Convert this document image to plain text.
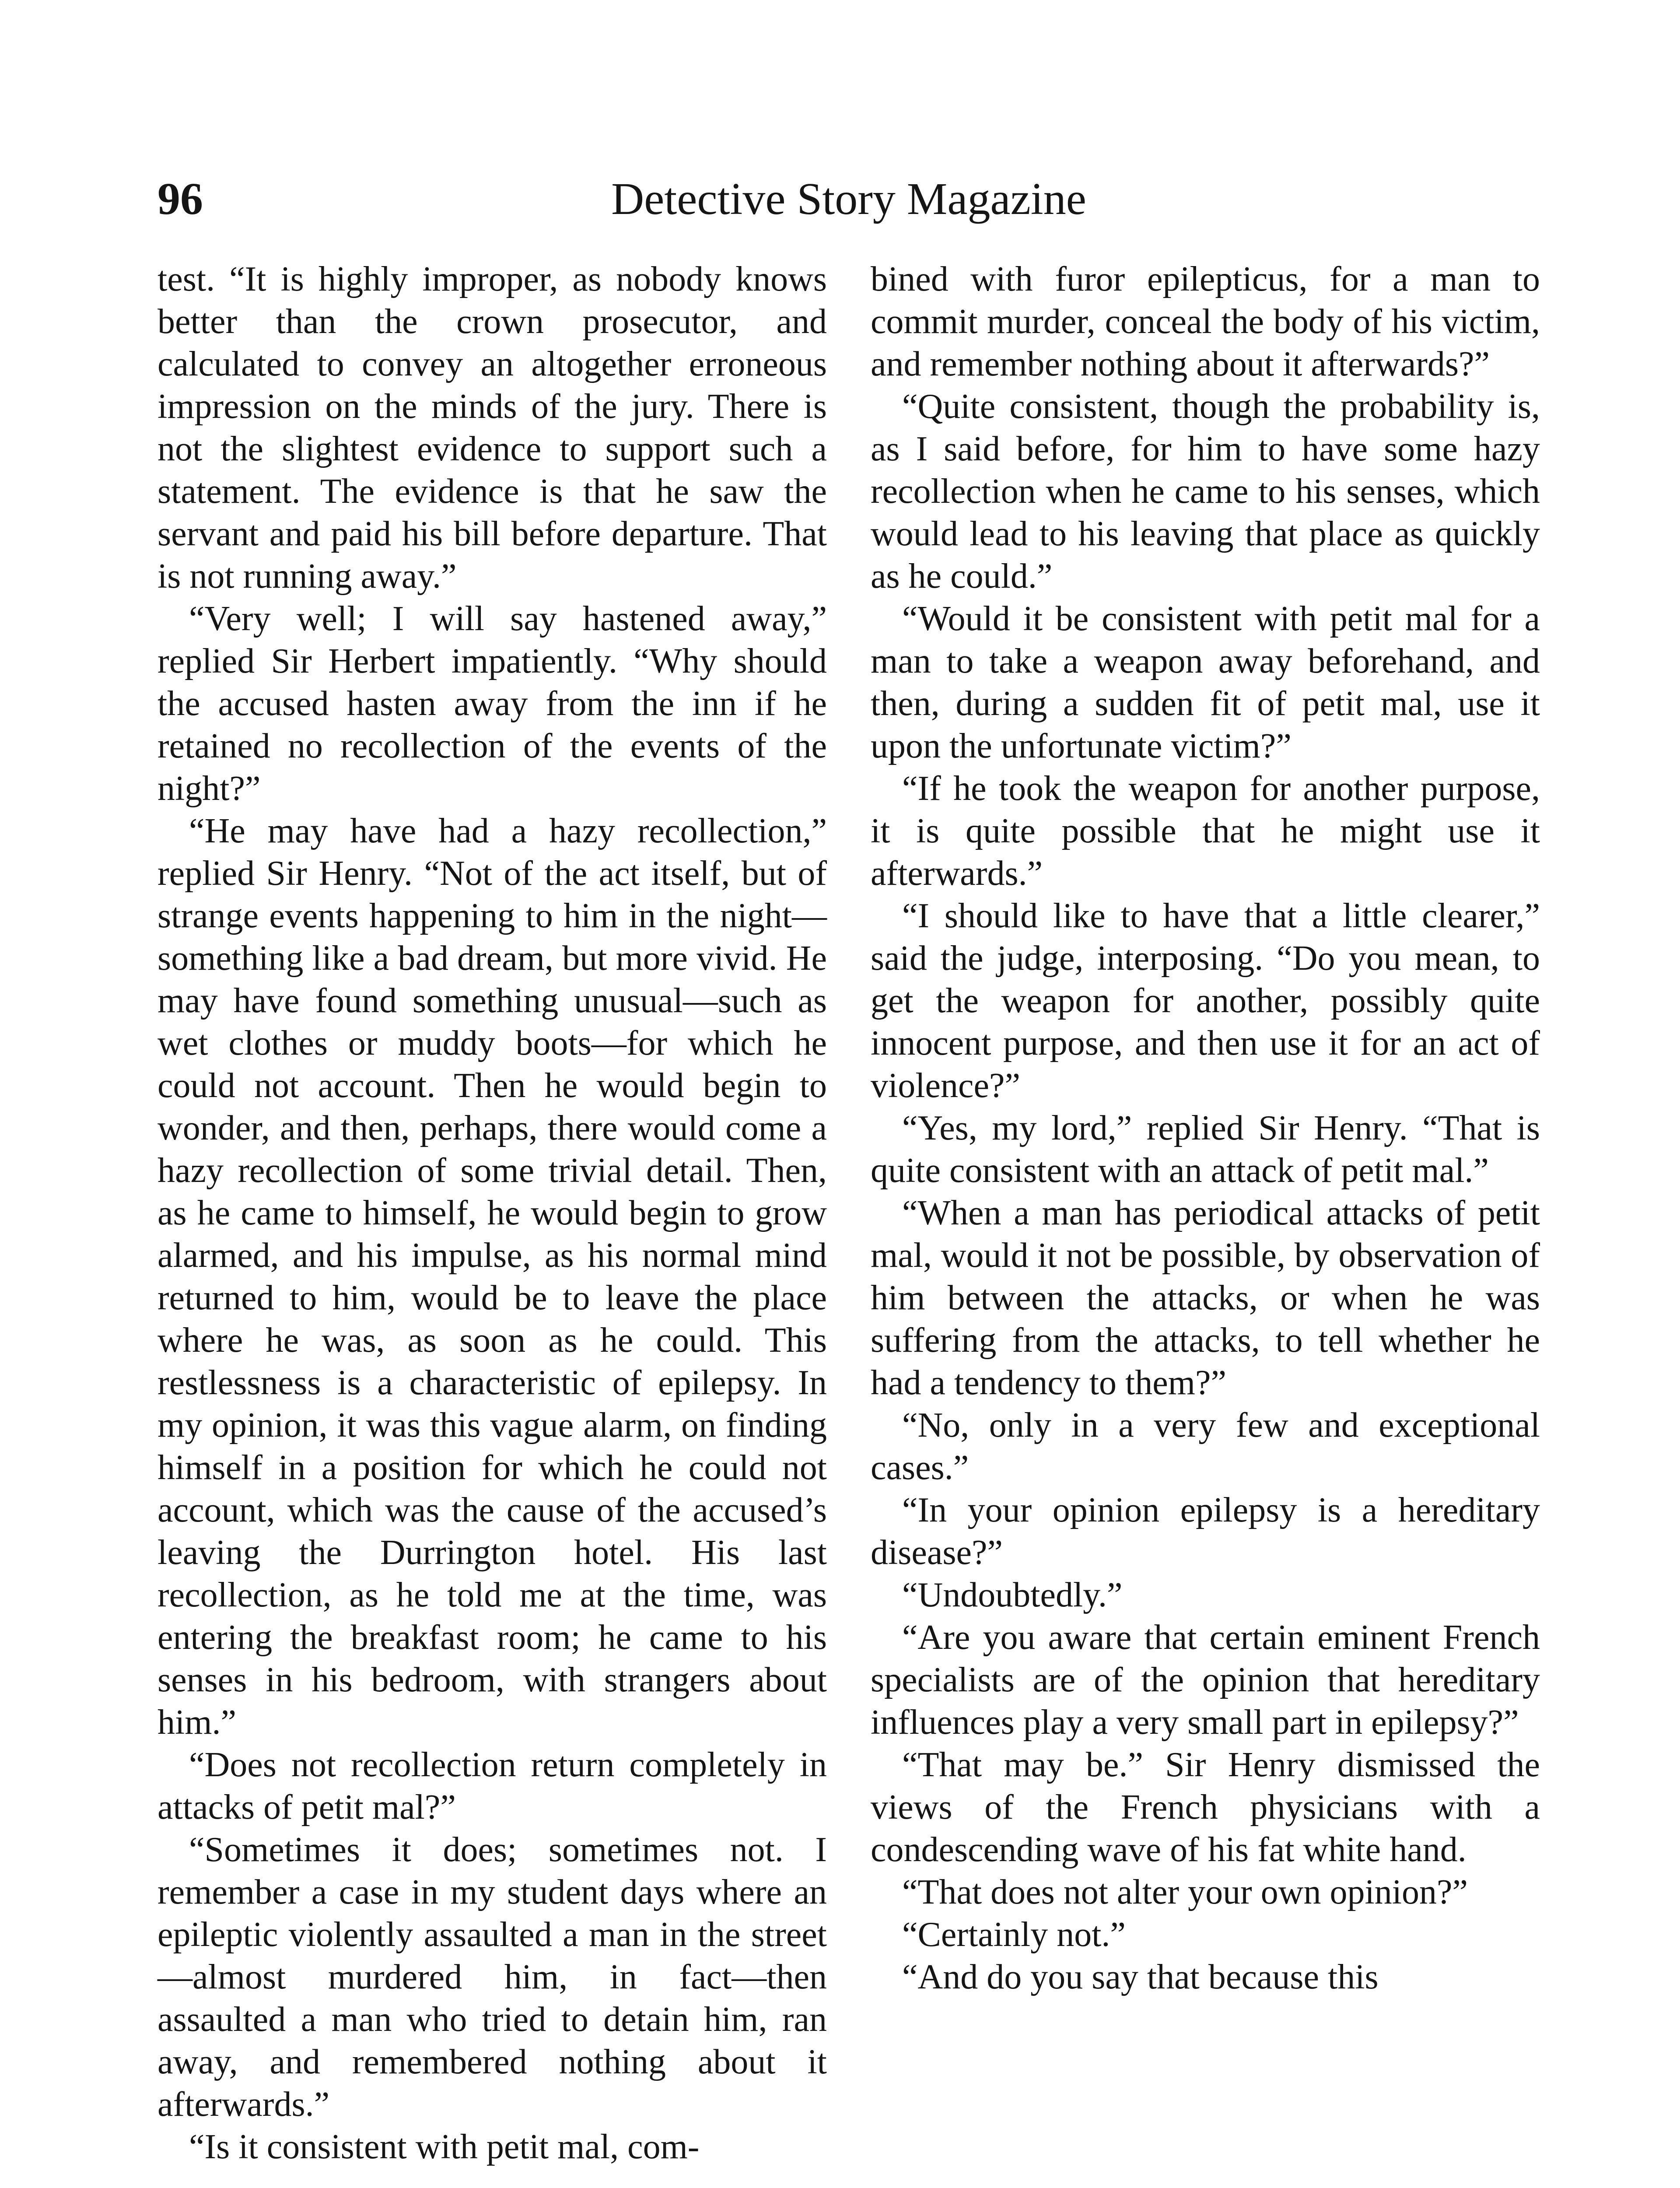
96	Detective Story Magazine

test. “It is highly improper, as nobody knows better than the crown prosecutor, and calculated to convey an altogether erroneous impression on the minds of the jury. There is not the slightest evidence to support such a statement. The evidence is that he saw the servant and paid his bill before departure. That is not running away.”

“Very well; I will say hastened away,” replied Sir Herbert impatiently. “Why should the accused hasten away from the inn if he retained no recollection of the events of the night?”

“He may have had a hazy recollection,” replied Sir Henry. “Not of the act itself, but of strange events happening to him in the night—something like a bad dream, but more vivid. He may have found something unusual—such as wet clothes or muddy boots—for which he could not account. Then he would begin to wonder, and then, perhaps, there would come a hazy recollection of some trivial detail. Then, as he came to himself, he would begin to grow alarmed, and his impulse, as his normal mind returned to him, would be to leave the place where he was, as soon as he could. This restlessness is a characteristic of epilepsy. In my opinion, it was this vague alarm, on finding himself in a position for which he could not account, which was the cause of the accused’s leaving the Durrington hotel. His last recollection, as he told me at the time, was entering the breakfast room; he came to his senses in his bedroom, with strangers about him.”

“Does not recollection return completely in attacks of petit mal?”

“Sometimes it does; sometimes not. I remember a case in my student days where an epileptic violently assaulted a man in the street—almost murdered him, in fact—then assaulted a man who tried to detain him, ran away, and remembered nothing about it afterwards.”

“Is it consistent with petit mal, com-

bined with furor epilepticus, for a man to commit murder, conceal the body of his victim, and remember nothing about it afterwards?”

“Quite consistent, though the probability is, as I said before, for him to have some hazy recollection when he came to his senses, which would lead to his leaving that place as quickly as he could.”

“Would it be consistent with petit mal for a man to take a weapon away beforehand, and then, during a sudden fit of petit mal, use it upon the unfortunate victim?”

“If he took the weapon for another purpose, it is quite possible that he might use it afterwards.”

“I should like to have that a little clearer,” said the judge, interposing. “Do you mean, to get the weapon for another, possibly quite innocent purpose, and then use it for an act of violence?”

“Yes, my lord,” replied Sir Henry. “That is quite consistent with an attack of petit mal.”

“When a man has periodical attacks of petit mal, would it not be possible, by observation of him between the attacks, or when he was suffering from the attacks, to tell whether he had a tendency to them?”

“No, only in a very few and exceptional cases.”

“In your opinion epilepsy is a hereditary disease?”

“Undoubtedly.”

“Are you aware that certain eminent French specialists are of the opinion that hereditary influences play a very small part in epilepsy?”

“That may be.” Sir Henry dismissed the views of the French physicians with a condescending wave of his fat white hand.

“That does not alter your own opinion?”

“Certainly not.”

“And do you say that because this
